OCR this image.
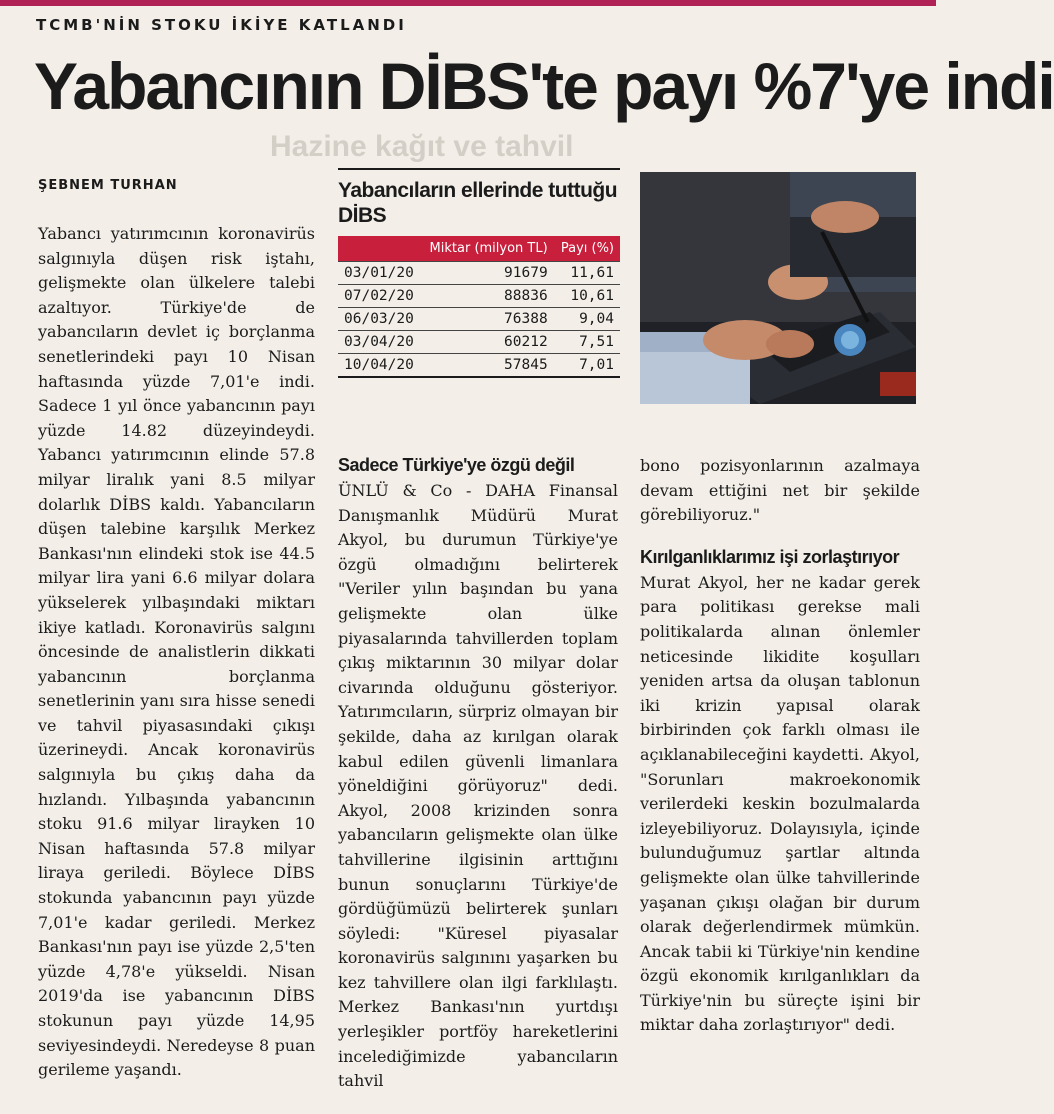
TCMB'NİN STOKU İKİYE KATLANDI
Yabancının DİBS'te payı %7'ye indi
Hazine kağıt ve tahvil
ŞEBNEM TURHAN

Yabancı yatırımcının koronavirüs salgınıyla düşen risk iştahı, gelişmekte olan ülkelere talebi azaltıyor. Türkiye'de de yabancıların devlet iç borçlanma senetlerindeki payı 10 Nisan haftasında yüzde 7,01'e indi. Sadece 1 yıl önce yabancının payı yüzde 14.82 düzeyindeydi. Yabancı yatırımcının elinde 57.8 milyar liralık yani 8.5 milyar dolarlık DİBS kaldı. Yabancıların düşen talebine karşılık Merkez Bankası'nın elindeki stok ise 44.5 milyar lira yani 6.6 milyar dolara yükselerek yılbaşındaki miktarı ikiye katladı. Koronavirüs salgını öncesinde de analistlerin dikkati yabancının borçlanma senetlerinin yanı sıra hisse senedi ve tahvil piyasasındaki çıkışı üzerineydi. Ancak koronavirüs salgınıyla bu çıkış daha da hızlandı. Yılbaşında yabancının stoku 91.6 milyar lirayken 10 Nisan haftasında 57.8 milyar liraya geriledi. Böylece DİBS stokunda yabancının payı yüzde 7,01'e kadar geriledi. Merkez Bankası'nın payı ise yüzde 2,5'ten yüzde 4,78'e yükseldi. Nisan 2019'da ise yabancının DİBS stokunun payı yüzde 14,95 seviyesindeydi. Neredeyse 8 puan gerileme yaşandı.

Yabancıların ellerinde tuttuğu DİBS
	Miktar (milyon TL)	Payı (%)
03/01/20	91679	11,61
07/02/20	88836	10,61
06/03/20	76388	9,04
03/04/20	60212	7,51
10/04/20	57845	7,01
Sadece Türkiye'ye özgü değil

ÜNLÜ & Co - DAHA Finansal Danışmanlık Müdürü Murat Akyol, bu durumun Türkiye'ye özgü olmadığını belirterek "Veriler yılın başından bu yana gelişmekte olan ülke piyasalarında tahvillerden toplam çıkış miktarının 30 milyar dolar civarında olduğunu gösteriyor. Yatırımcıların, sürpriz olmayan bir şekilde, daha az kırılgan olarak kabul edilen güvenli limanlara yöneldiğini görüyoruz" dedi. Akyol, 2008 krizinden sonra yabancıların gelişmekte olan ülke tahvillerine ilgisinin arttığını bunun sonuçlarını Türkiye'de gördüğümüzü belirterek şunları söyledi: "Küresel piyasalar koronavirüs salgınını yaşarken bu kez tahvillere olan ilgi farklılaştı. Merkez Bankası'nın yurtdışı yerleşikler portföy hareketlerini incelediğimizde yabancıların tahvil

bono pozisyonlarının azalmaya devam ettiğini net bir şekilde görebiliyoruz."

Kırılganlıklarımız işi zorlaştırıyor

Murat Akyol, her ne kadar gerek para politikası gerekse mali politikalarda alınan önlemler neticesinde likidite koşulları yeniden artsa da oluşan tablonun iki krizin yapısal olarak birbirinden çok farklı olması ile açıklanabileceğini kaydetti. Akyol, "Sorunları makroekonomik verilerdeki keskin bozulmalarda izleyebiliyoruz. Dolayısıyla, içinde bulunduğumuz şartlar altında gelişmekte olan ülke tahvillerinde yaşanan çıkışı olağan bir durum olarak değerlendirmek mümkün. Ancak tabii ki Türkiye'nin kendine özgü ekonomik kırılganlıkları da Türkiye'nin bu süreçte işini bir miktar daha zorlaştırıyor" dedi.
